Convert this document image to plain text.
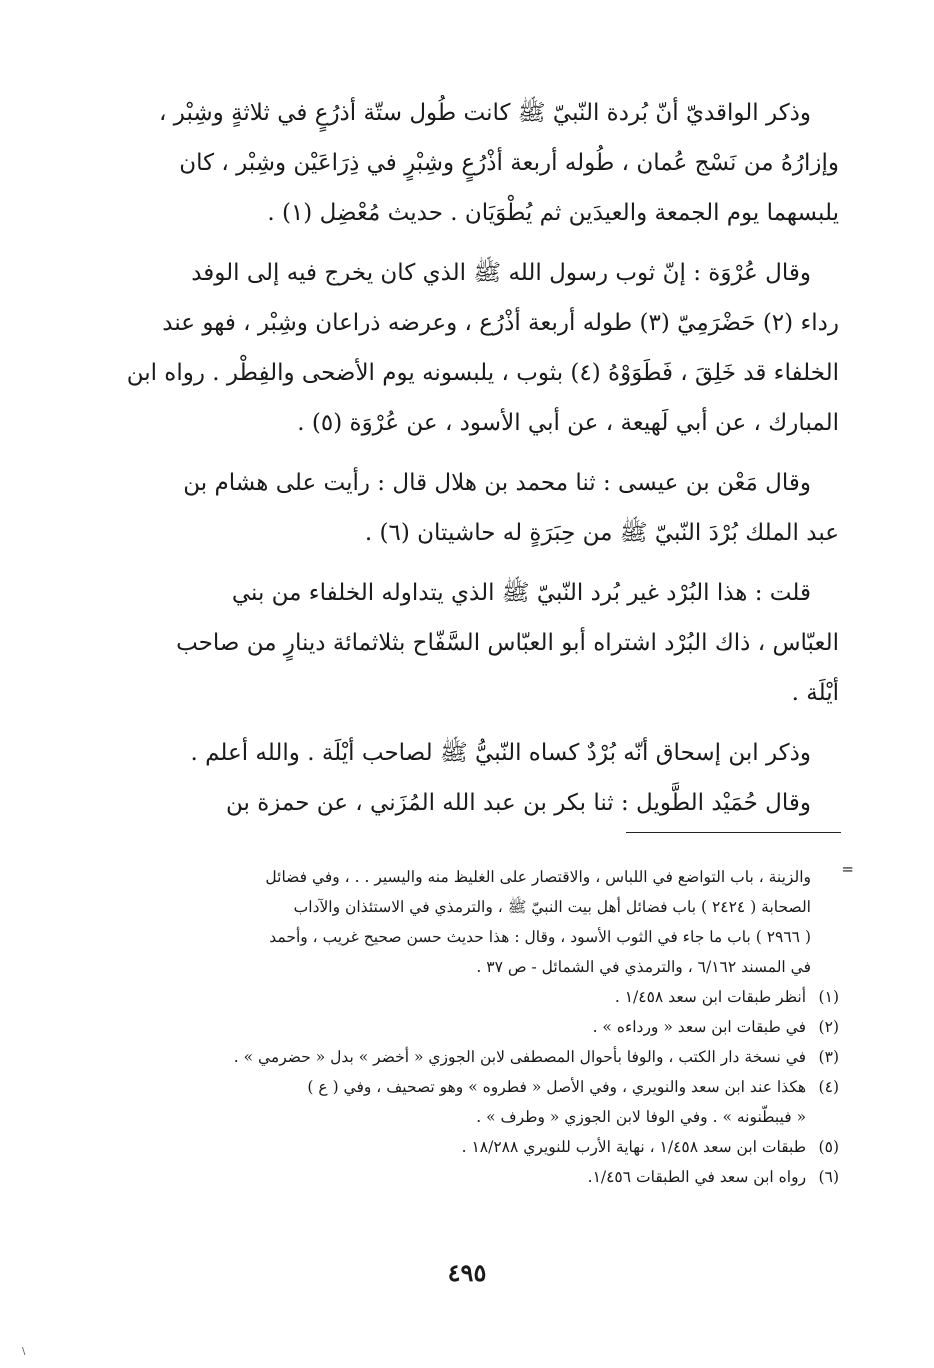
وذكر الواقديّ أنّ بُردة النّبيّ ﷺ كانت طُول ستّة أذرُعٍ في ثلاثةٍ وشِبْر ،
وإزارُهُ من نَسْج عُمان ، طُوله أربعة أذْرُعٍ وشِبْرٍ في ذِرَاعَيْن وشِبْر ، كان
يلبسهما يوم الجمعة والعيدَين ثم يُطْوَيَان . حديث مُعْضِل (١) .

وقال عُرْوَة : إنّ ثوب رسول الله ﷺ الذي كان يخرج فيه إلى الوفد
رداء (٢) حَضْرَمِيّ (٣) طوله أربعة أذْرُع ، وعرضه ذراعان وشِبْر ، فهو عند
الخلفاء قد خَلِقَ ، فَطَوَوْهُ (٤) بثوب ، يلبسونه يوم الأضحى والفِطْر . رواه ابن
المبارك ، عن أبي لَهيعة ، عن أبي الأسود ، عن عُرْوَة (٥) .

وقال مَعْن بن عيسى : ثنا محمد بن هلال قال : رأيت على هشام بن
عبد الملك بُرْدَ النّبيّ ﷺ من حِبَرَةٍ له حاشيتان (٦) .

قلت : هذا البُرْد غير بُرد النّبيّ ﷺ الذي يتداوله الخلفاء من بني
العبّاس ، ذاك البُرْد اشتراه أبو العبّاس السَّفّاح بثلاثمائة دينارٍ من صاحب
أيْلَة .

وذكر ابن إسحاق أنّه بُرْدٌ كساه النّبيُّ ﷺ لصاحب أيْلَة . والله أعلم .

وقال حُمَيْد الطَّويل : ثنا بكر بن عبد الله المُزَني ، عن حمزة بن

=

والزينة ، باب التواضع في اللباس ، والاقتصار على الغليظ منه واليسير . . ، وفي فضائل
الصحابة ( ٢٤٢٤ ) باب فضائل أهل بيت النبيّ ﷺ ، والترمذي في الاستئذان والآداب
( ٢٩٦٦ ) باب ما جاء في الثوب الأسود ، وقال : هذا حديث حسن صحيح غريب ، وأحمد
في المسند ٦/١٦٢ ، والترمذي في الشمائل - ص ٣٧ .

(١) أنظر طبقات ابن سعد ١/٤٥٨ .

(٢) في طبقات ابن سعد « ورداءه » .

(٣) في نسخة دار الكتب ، والوفا بأحوال المصطفى لابن الجوزي « أخضر » بدل « حضرمي » .

(٤) هكذا عند ابن سعد والنويري ، وفي الأصل « فطروه » وهو تصحيف ، وفي ( ع )

« فيبطّنونه » . وفي الوفا لابن الجوزي « وطرف » .

(٥) طبقات ابن سعد ١/٤٥٨ ، نهاية الأرب للنويري ١٨/٢٨٨ .

(٦) رواه ابن سعد في الطبقات ١/٤٥٦.

٤٩٥
\
